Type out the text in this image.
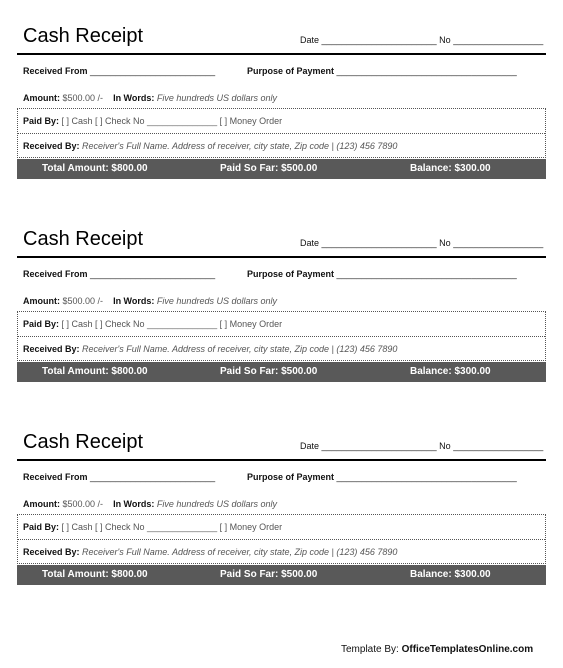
Cash Receipt	Date _______________________ No __________________
Received From _________________________	Purpose of Payment ____________________________________
Amount: $500.00 /- In Words: Five hundreds US dollars only
Paid By: [ ] Cash [ ] Check No ______________ [ ] Money Order
Received By: Receiver's Full Name. Address of receiver, city state, Zip code | (123) 456 7890
Total Amount: $800.00	Paid So Far: $500.00	Balance: $300.00
Cash Receipt	Date _______________________ No __________________
Received From _________________________	Purpose of Payment ____________________________________
Amount: $500.00 /- In Words: Five hundreds US dollars only
Paid By: [ ] Cash [ ] Check No ______________ [ ] Money Order
Received By: Receiver's Full Name. Address of receiver, city state, Zip code | (123) 456 7890
Total Amount: $800.00	Paid So Far: $500.00	Balance: $300.00
Cash Receipt	Date _______________________ No __________________
Received From _________________________	Purpose of Payment ____________________________________
Amount: $500.00 /- In Words: Five hundreds US dollars only
Paid By: [ ] Cash [ ] Check No ______________ [ ] Money Order
Received By: Receiver's Full Name. Address of receiver, city state, Zip code | (123) 456 7890
Total Amount: $800.00	Paid So Far: $500.00	Balance: $300.00
Template By: OfficeTemplatesOnline.com
